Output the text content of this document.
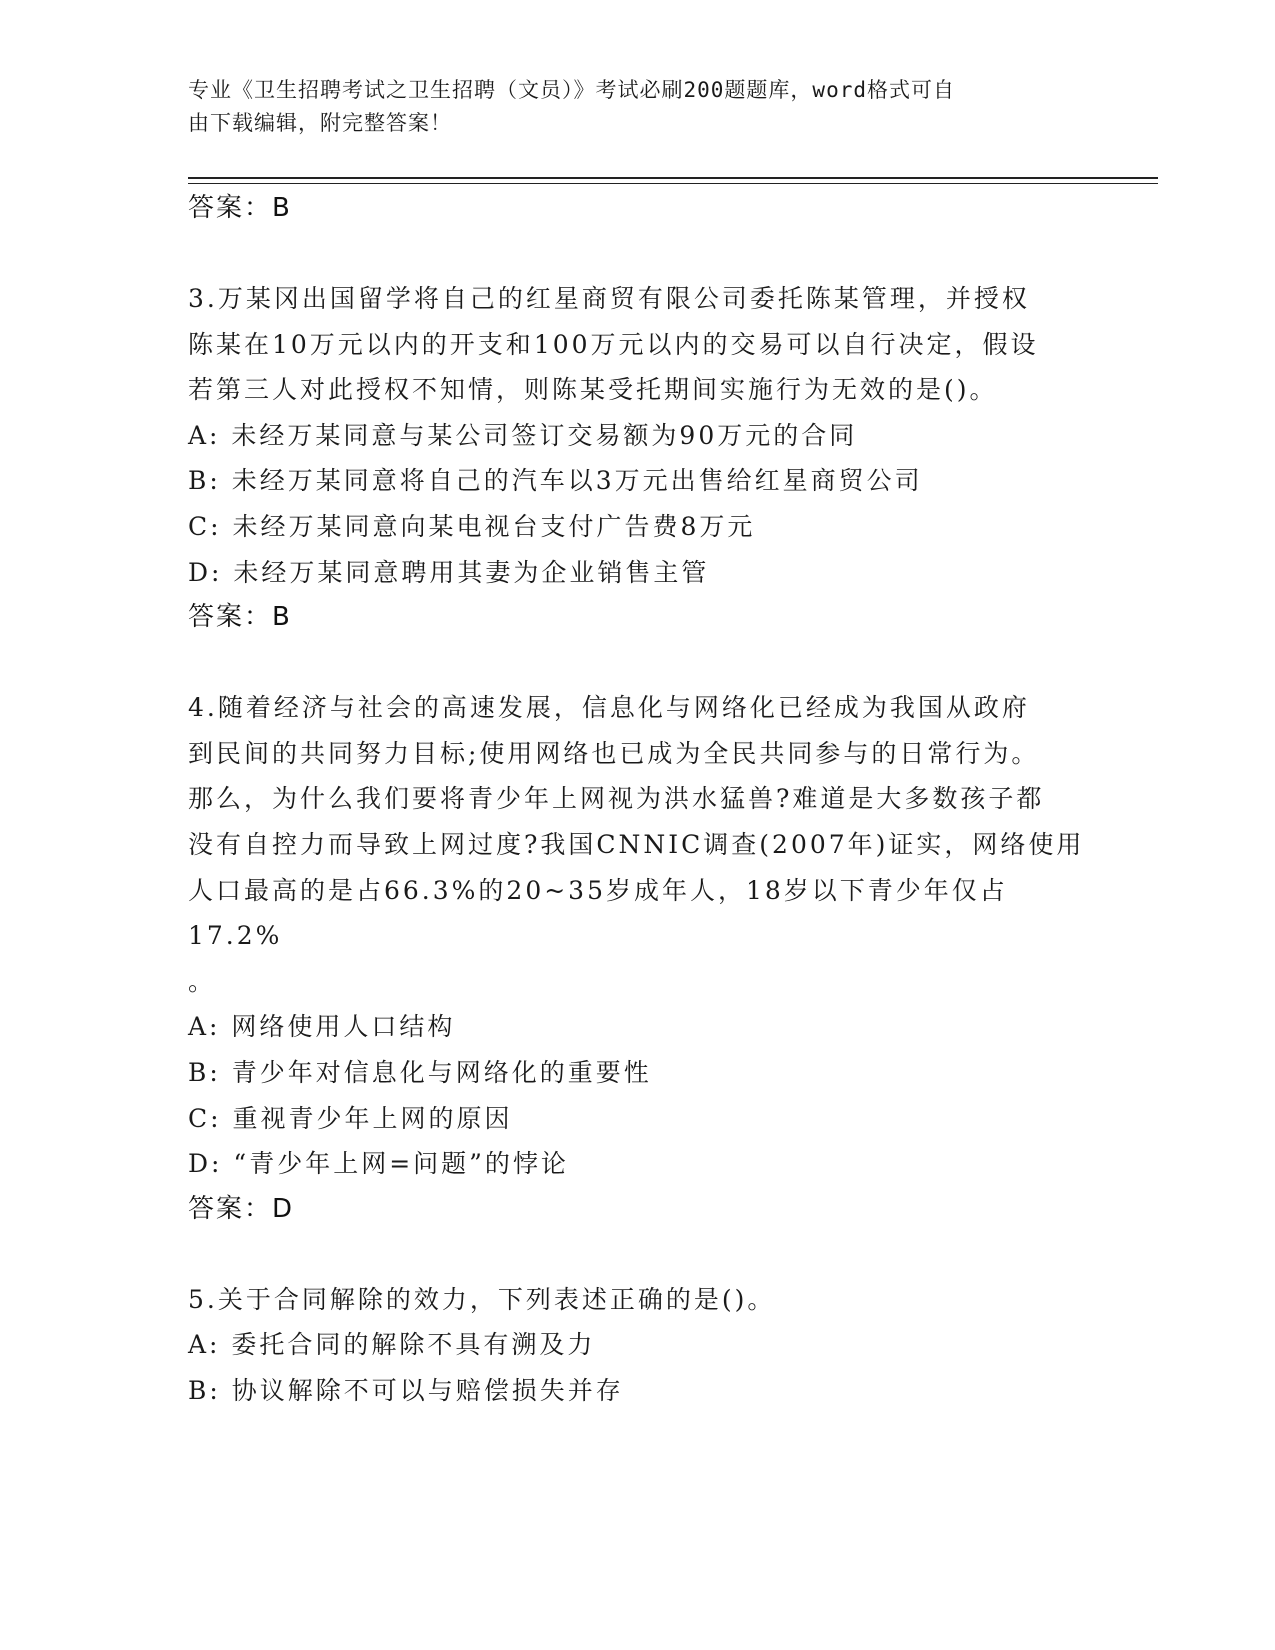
专业《卫生招聘考试之卫生招聘（文员）》考试必刷200题题库，word格式可自
由下载编辑，附完整答案！
答案：B
3.万某冈出国留学将自己的红星商贸有限公司委托陈某管理，并授权
陈某在10万元以内的开支和100万元以内的交易可以自行决定，假设
若第三人对此授权不知情，则陈某受托期间实施行为无效的是()。
A: 未经万某同意与某公司签订交易额为90万元的合同
B: 未经万某同意将自己的汽车以3万元出售给红星商贸公司
C: 未经万某同意向某电视台支付广告费8万元
D: 未经万某同意聘用其妻为企业销售主管
答案：B
4.随着经济与社会的高速发展，信息化与网络化已经成为我国从政府
到民间的共同努力目标;使用网络也已成为全民共同参与的日常行为。
那么，为什么我们要将青少年上网视为洪水猛兽?难道是大多数孩子都
没有自控力而导致上网过度?我国CNNIC调查(2007年)证实，网络使用
人口最高的是占66.3%的20~35岁成年人，18岁以下青少年仅占17.2%
。
A: 网络使用人口结构
B: 青少年对信息化与网络化的重要性
C: 重视青少年上网的原因
D: “青少年上网=问题”的悖论
答案：D
5.关于合同解除的效力，下列表述正确的是()。
A: 委托合同的解除不具有溯及力
B: 协议解除不可以与赔偿损失并存
